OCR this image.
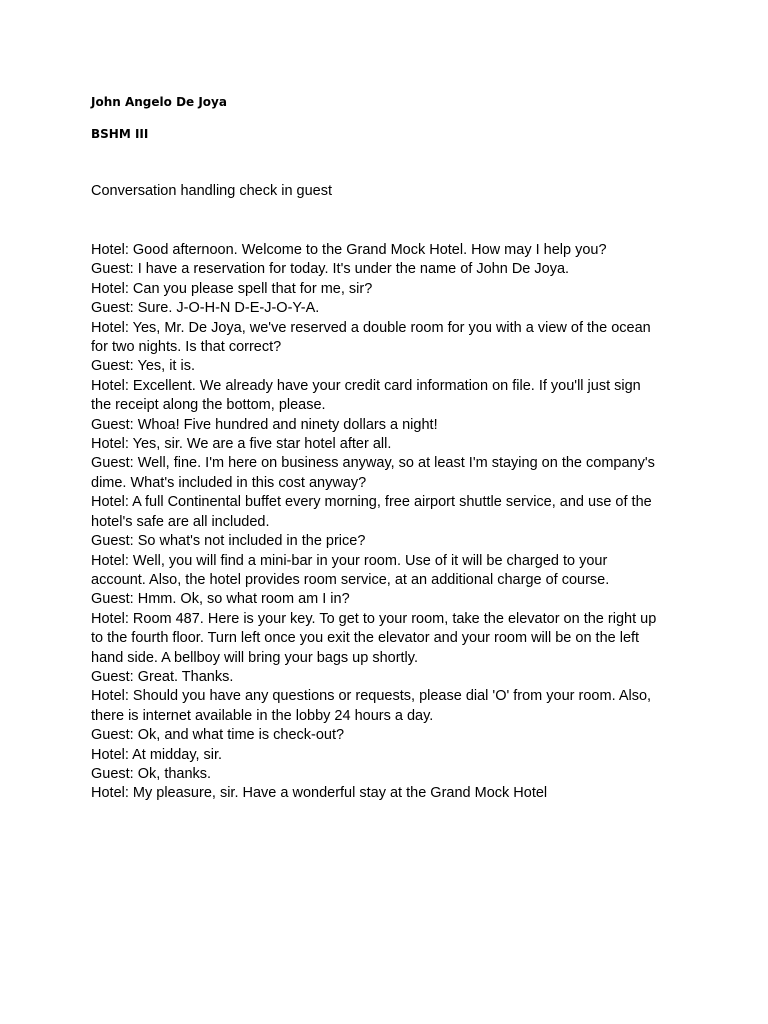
John Angelo De Joya
BSHM III
Conversation handling check in guest
Hotel: Good afternoon. Welcome to the Grand Mock Hotel. How may I help you?
Guest: I have a reservation for today. It's under the name of John De Joya.
Hotel: Can you please spell that for me, sir?
Guest: Sure. J-O-H-N D-E-J-O-Y-A.
Hotel: Yes, Mr. De Joya, we've reserved a double room for you with a view of the ocean
for two nights. Is that correct?
Guest: Yes, it is.
Hotel: Excellent. We already have your credit card information on file. If you'll just sign
the receipt along the bottom, please.
Guest: Whoa! Five hundred and ninety dollars a night!
Hotel: Yes, sir. We are a five star hotel after all.
Guest: Well, fine. I'm here on business anyway, so at least I'm staying on the company's
dime. What's included in this cost anyway?
Hotel: A full Continental buffet every morning, free airport shuttle service, and use of the
hotel's safe are all included.
Guest: So what's not included in the price?
Hotel: Well, you will find a mini-bar in your room. Use of it will be charged to your
account. Also, the hotel provides room service, at an additional charge of course.
Guest: Hmm. Ok, so what room am I in?
Hotel: Room 487. Here is your key. To get to your room, take the elevator on the right up
to the fourth floor. Turn left once you exit the elevator and your room will be on the left
hand side. A bellboy will bring your bags up shortly.
Guest: Great. Thanks.
Hotel: Should you have any questions or requests, please dial 'O' from your room. Also,
there is internet available in the lobby 24 hours a day.
Guest: Ok, and what time is check-out?
Hotel: At midday, sir.
Guest: Ok, thanks.
Hotel: My pleasure, sir. Have a wonderful stay at the Grand Mock Hotel
